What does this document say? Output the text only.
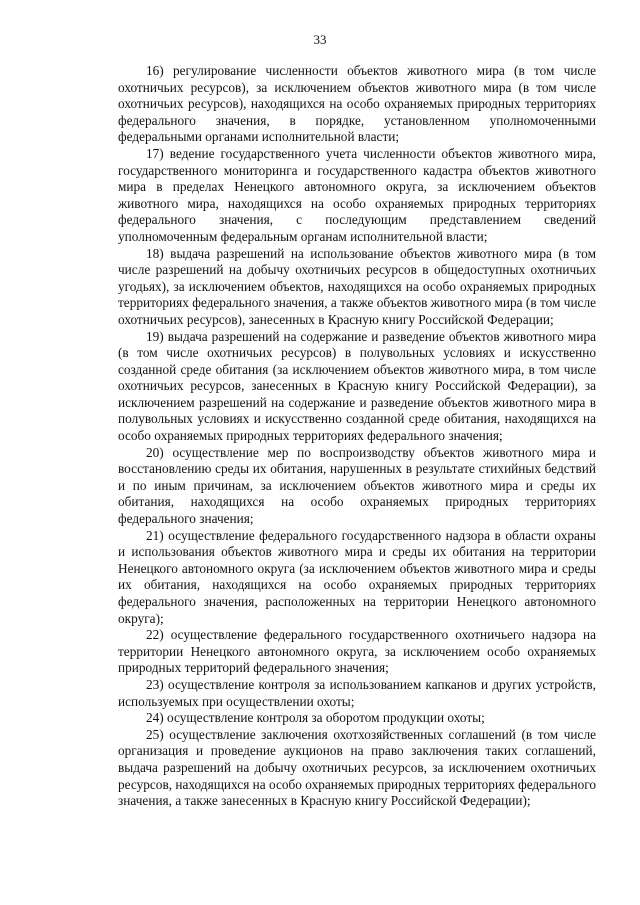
33

16) регулирование численности объектов животного мира (в том числе охотничьих ресурсов), за исключением объектов животного мира (в том числе охотничьих ресурсов), находящихся на особо охраняемых природных территориях федерального значения, в порядке, установленном уполномоченными федеральными органами исполнительной власти;

17) ведение государственного учета численности объектов животного мира, государственного мониторинга и государственного кадастра объектов животного мира в пределах Ненецкого автономного округа, за исключением объектов животного мира, находящихся на особо охраняемых природных территориях федерального значения, с последующим представлением сведений уполномоченным федеральным органам исполнительной власти;

18) выдача разрешений на использование объектов животного мира (в том числе разрешений на добычу охотничьих ресурсов в общедоступных охотничьих угодьях), за исключением объектов, находящихся на особо охраняемых природных территориях федерального значения, а также объектов животного мира (в том числе охотничьих ресурсов), занесенных в Красную книгу Российской Федерации;

19) выдача разрешений на содержание и разведение объектов животного мира (в том числе охотничьих ресурсов) в полувольных условиях и искусственно созданной среде обитания (за исключением объектов животного мира, в том числе охотничьих ресурсов, занесенных в Красную книгу Российской Федерации), за исключением разрешений на содержание и разведение объектов животного мира в полувольных условиях и искусственно созданной среде обитания, находящихся на особо охраняемых природных территориях федерального значения;

20) осуществление мер по воспроизводству объектов животного мира и восстановлению среды их обитания, нарушенных в результате стихийных бедствий и по иным причинам, за исключением объектов животного мира и среды их обитания, находящихся на особо охраняемых природных территориях федерального значения;

21) осуществление федерального государственного надзора в области охраны и использования объектов животного мира и среды их обитания на территории Ненецкого автономного округа (за исключением объектов животного мира и среды их обитания, находящихся на особо охраняемых природных территориях федерального значения, расположенных на территории Ненецкого автономного округа);

22) осуществление федерального государственного охотничьего надзора на территории Ненецкого автономного округа, за исключением особо охраняемых природных территорий федерального значения;

23) осуществление контроля за использованием капканов и других устройств, используемых при осуществлении охоты;

24) осуществление контроля за оборотом продукции охоты;

25) осуществление заключения охотхозяйственных соглашений (в том числе организация и проведение аукционов на право заключения таких соглашений, выдача разрешений на добычу охотничьих ресурсов, за исключением охотничьих ресурсов, находящихся на особо охраняемых природных территориях федерального значения, а также занесенных в Красную книгу Российской Федерации);
